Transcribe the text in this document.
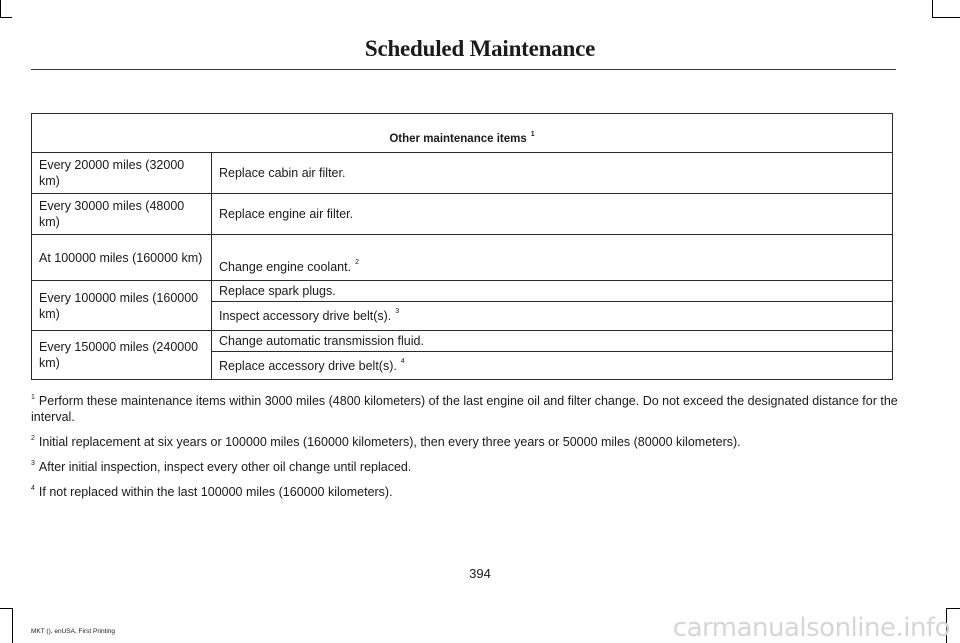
Scheduled Maintenance
Other maintenance items $^1$
Every 20000 miles (32000 km)	Replace cabin air filter.
Every 30000 miles (48000 km)	Replace engine air filter.
At 100000 miles (160000 km)	Change engine coolant. $^2$
Every 100000 miles (160000 km)	Replace spark plugs.
	Inspect accessory drive belt(s). $^3$
Every 150000 miles (240000 km)	Change automatic transmission fluid.
	Replace accessory drive belt(s). $^4$

$^1$ Perform these maintenance items within 3000 miles (4800 kilometers) of the last engine oil and filter change. Do not exceed the designated distance for the interval.

$^2$ Initial replacement at six years or 100000 miles (160000 kilometers), then every three years or 50000 miles (80000 kilometers).

$^3$ After initial inspection, inspect every other oil change until replaced.

$^4$ If not replaced within the last 100000 miles (160000 kilometers).

394
MKT (), enUSA, First Printing	carmanualsonline.info
